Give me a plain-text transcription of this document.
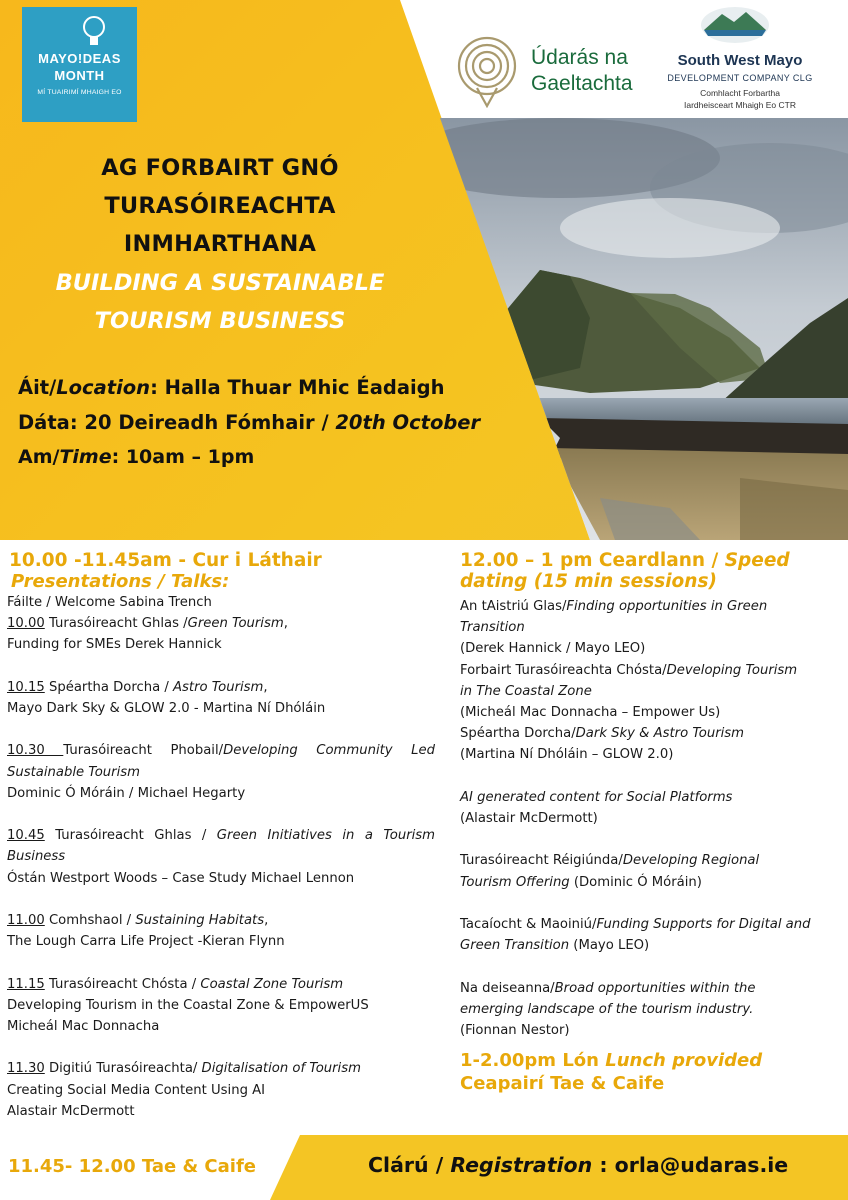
MAYO!DEAS
MONTH
MÍ TUAIRIMÍ MHAIGH EO
Údarás na
Gaeltachta
South West Mayo
DEVELOPMENT COMPANY CLG
Comhlacht Forbartha
Iardheisceart Mhaigh Eo CTR
AG FORBAIRT GNÓ
TURASÓIREACHTA
INMHARTHANA
BUILDING A SUSTAINABLE
TOURISM BUSINESS
Áit/Location: Halla Thuar Mhic Éadaigh
Dáta: 20 Deireadh Fómhair / 20th October
Am/Time: 10am – 1pm
10.00 -11.45am - Cur i Láthair
Presentations / Talks:
Fáilte / Welcome Sabina Trench
10.00 Turasóireacht Ghlas /Green Tourism,
Funding for SMEs Derek Hannick
10.15 Spéartha Dorcha / Astro Tourism,
Mayo Dark Sky & GLOW 2.0 - Martina Ní Dhóláin
10.30 Turasóireacht Phobail/Developing Community Led Sustainable Tourism
Dominic Ó Móráin / Michael Hegarty
10.45 Turasóireacht Ghlas / Green Initiatives in a Tourism Business
Óstán Westport Woods – Case Study Michael Lennon
11.00 Comhshaol / Sustaining Habitats,
The Lough Carra Life Project -Kieran Flynn
11.15 Turasóireacht Chósta / Coastal Zone Tourism
Developing Tourism in the Coastal Zone & EmpowerUS
Micheál Mac Donnacha
11.30 Digitiú Turasóireachta/ Digitalisation of Tourism
Creating Social Media Content Using AI
Alastair McDermott
12.00 – 1 pm Ceardlann / Speed dating (15 min sessions)
An tAistriú Glas/Finding opportunities in Green Transition
(Derek Hannick / Mayo LEO)
Forbairt Turasóireachta Chósta/Developing Tourism in The Coastal Zone
(Micheál Mac Donnacha – Empower Us)
Spéartha Dorcha/Dark Sky & Astro Tourism
(Martina Ní Dhóláin – GLOW 2.0)
AI generated content for Social Platforms
(Alastair McDermott)
Turasóireacht Réigiúnda/Developing Regional Tourism Offering (Dominic Ó Móráin)
Tacaíocht & Maoiniú/Funding Supports for Digital and Green Transition (Mayo LEO)
Na deiseanna/Broad opportunities within the emerging landscape of the tourism industry.
(Fionnan Nestor)
1-2.00pm Lón Lunch provided
Ceapairí Tae & Caife
11.45- 12.00 Tae & Caife	Clárú / Registration : orla@udaras.ie
